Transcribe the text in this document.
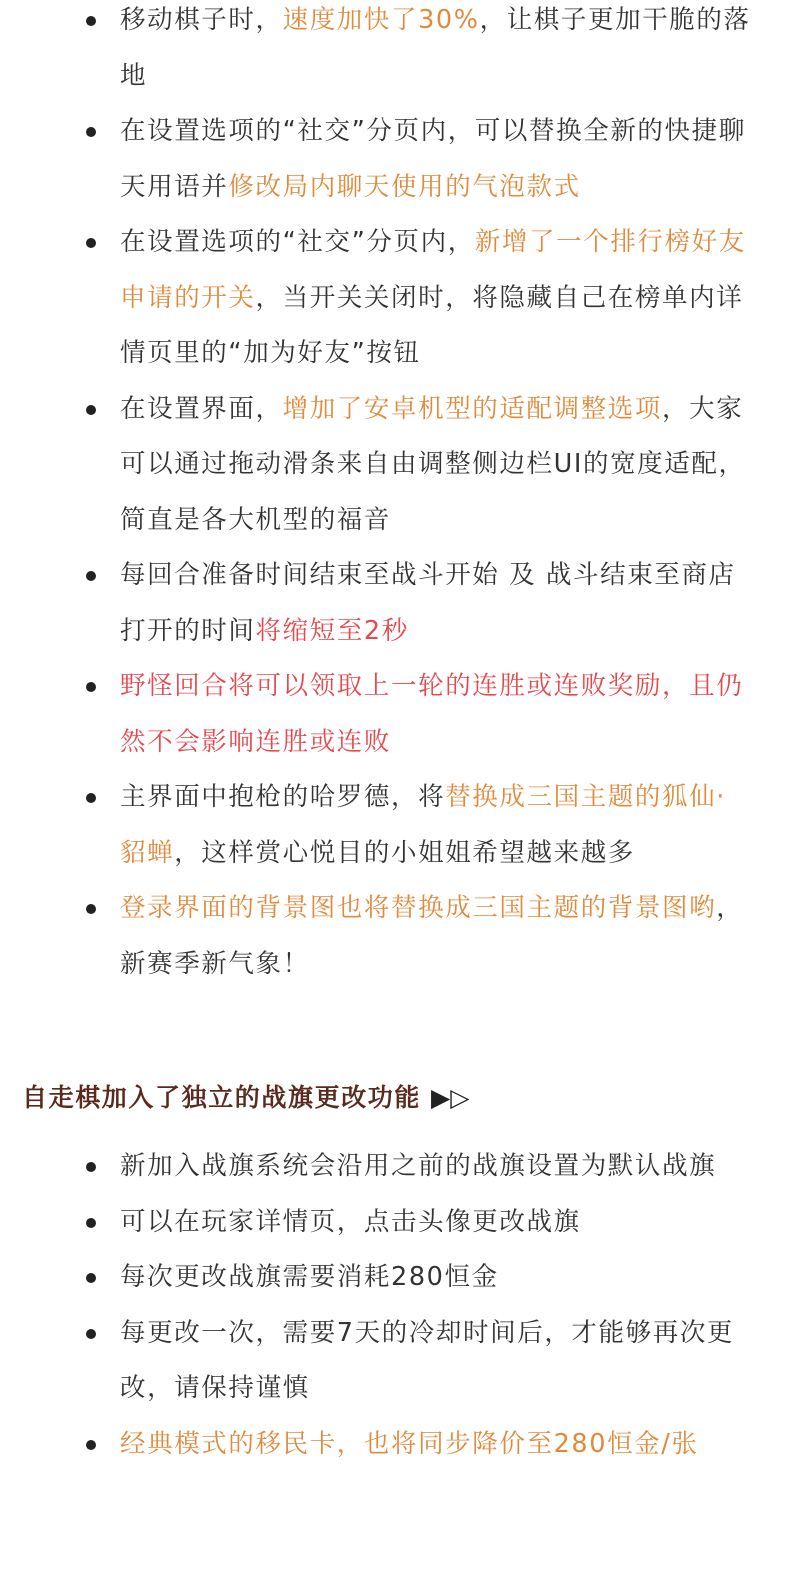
移动棋子时，速度加快了30%，让棋子更加干脆的落地
在设置选项的“社交”分页内，可以替换全新的快捷聊天用语并修改局内聊天使用的气泡款式
在设置选项的“社交”分页内，新增了一个排行榜好友申请的开关，当开关关闭时，将隐藏自己在榜单内详情页里的“加为好友”按钮
在设置界面，增加了安卓机型的适配调整选项，大家可以通过拖动滑条来自由调整侧边栏UI的宽度适配，简直是各大机型的福音
每回合准备时间结束至战斗开始 及 战斗结束至商店打开的时间将缩短至2秒
野怪回合将可以领取上一轮的连胜或连败奖励，且仍然不会影响连胜或连败
主界面中抱枪的哈罗德，将替换成三国主题的狐仙·貂蝉，这样赏心悦目的小姐姐希望越来越多
登录界面的背景图也将替换成三国主题的背景图哟，新赛季新气象！
自走棋加入了独立的战旗更改功能 ▶▷
新加入战旗系统会沿用之前的战旗设置为默认战旗
可以在玩家详情页，点击头像更改战旗
每次更改战旗需要消耗280恒金
每更改一次，需要7天的冷却时间后，才能够再次更改，请保持谨慎
经典模式的移民卡，也将同步降价至280恒金/张
